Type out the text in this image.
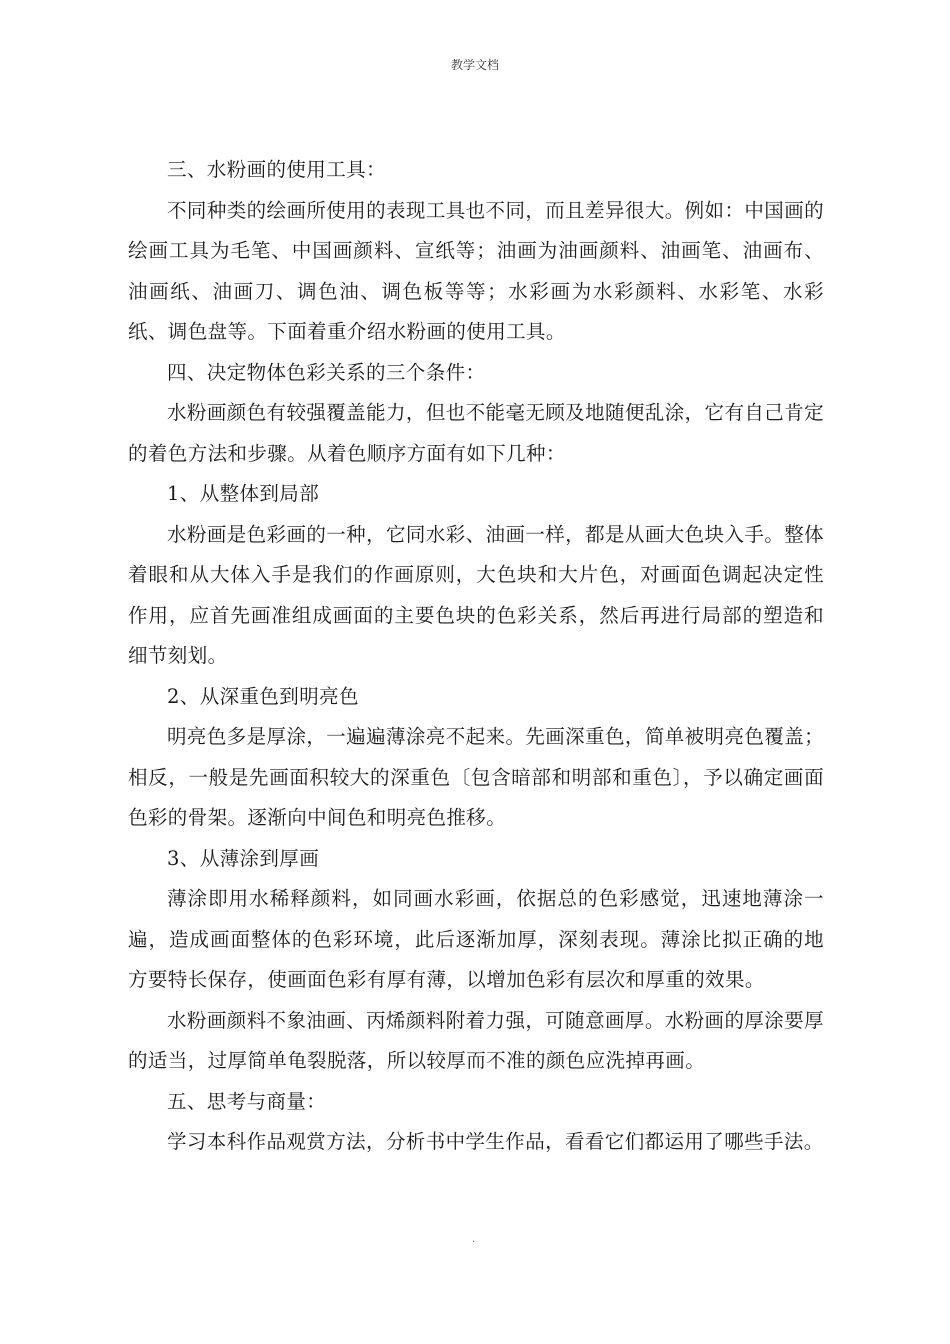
教学文档

三、水粉画的使用工具：

不同种类的绘画所使用的表现工具也不同，而且差异很大。例如：中国画的绘画工具为毛笔、中国画颜料、宣纸等；油画为油画颜料、油画笔、油画布、油画纸、油画刀、调色油、调色板等等；水彩画为水彩颜料、水彩笔、水彩纸、调色盘等。下面着重介绍水粉画的使用工具。

四、决定物体色彩关系的三个条件：

水粉画颜色有较强覆盖能力，但也不能毫无顾及地随便乱涂，它有自己肯定的着色方法和步骤。从着色顺序方面有如下几种：

1、从整体到局部

水粉画是色彩画的一种，它同水彩、油画一样，都是从画大色块入手。整体着眼和从大体入手是我们的作画原则，大色块和大片色，对画面色调起决定性作用，应首先画准组成画面的主要色块的色彩关系，然后再进行局部的塑造和细节刻划。

2、从深重色到明亮色

明亮色多是厚涂，一遍遍薄涂亮不起来。先画深重色，简单被明亮色覆盖；相反，一般是先画面积较大的深重色〔包含暗部和明部和重色〕，予以确定画面色彩的骨架。逐渐向中间色和明亮色推移。

3、从薄涂到厚画

薄涂即用水稀释颜料，如同画水彩画，依据总的色彩感觉，迅速地薄涂一遍，造成画面整体的色彩环境，此后逐渐加厚，深刻表现。薄涂比拟正确的地方要特长保存，使画面色彩有厚有薄，以增加色彩有层次和厚重的效果。

水粉画颜料不象油画、丙烯颜料附着力强，可随意画厚。水粉画的厚涂要厚的适当，过厚简单龟裂脱落，所以较厚而不准的颜色应洗掉再画。

五、思考与商量：

学习本科作品观赏方法，分析书中学生作品，看看它们都运用了哪些手法。

.
